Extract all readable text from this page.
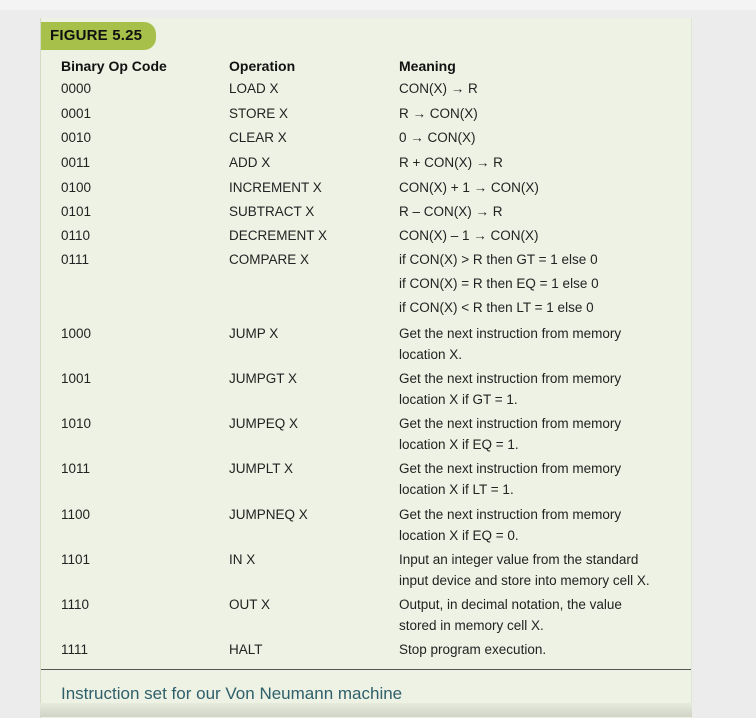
FIGURE 5.25
Binary Op Code	Operation	Meaning
0000	LOAD X	CON(X) → R
0001	STORE X	R → CON(X)
0010	CLEAR X	0 → CON(X)
0011	ADD X	R + CON(X) → R
0100	INCREMENT X	CON(X) + 1 → CON(X)
0101	SUBTRACT X	R – CON(X) → R
0110	DECREMENT X	CON(X) – 1 → CON(X)
0111	COMPARE X	if CON(X) > R then GT = 1 else 0
if CON(X) = R then EQ = 1 else 0
if CON(X) < R then LT = 1 else 0
1000	JUMP X	Get the next instruction from memory
location X.
1001	JUMPGT X	Get the next instruction from memory
location X if GT = 1.
1010	JUMPEQ X	Get the next instruction from memory
location X if EQ = 1.
1011	JUMPLT X	Get the next instruction from memory
location X if LT = 1.
1100	JUMPNEQ X	Get the next instruction from memory
location X if EQ = 0.
1101	IN X	Input an integer value from the standard
input device and store into memory cell X.
1110	OUT X	Output, in decimal notation, the value
stored in memory cell X.
1111	HALT	Stop program execution.
Instruction set for our Von Neumann machine
